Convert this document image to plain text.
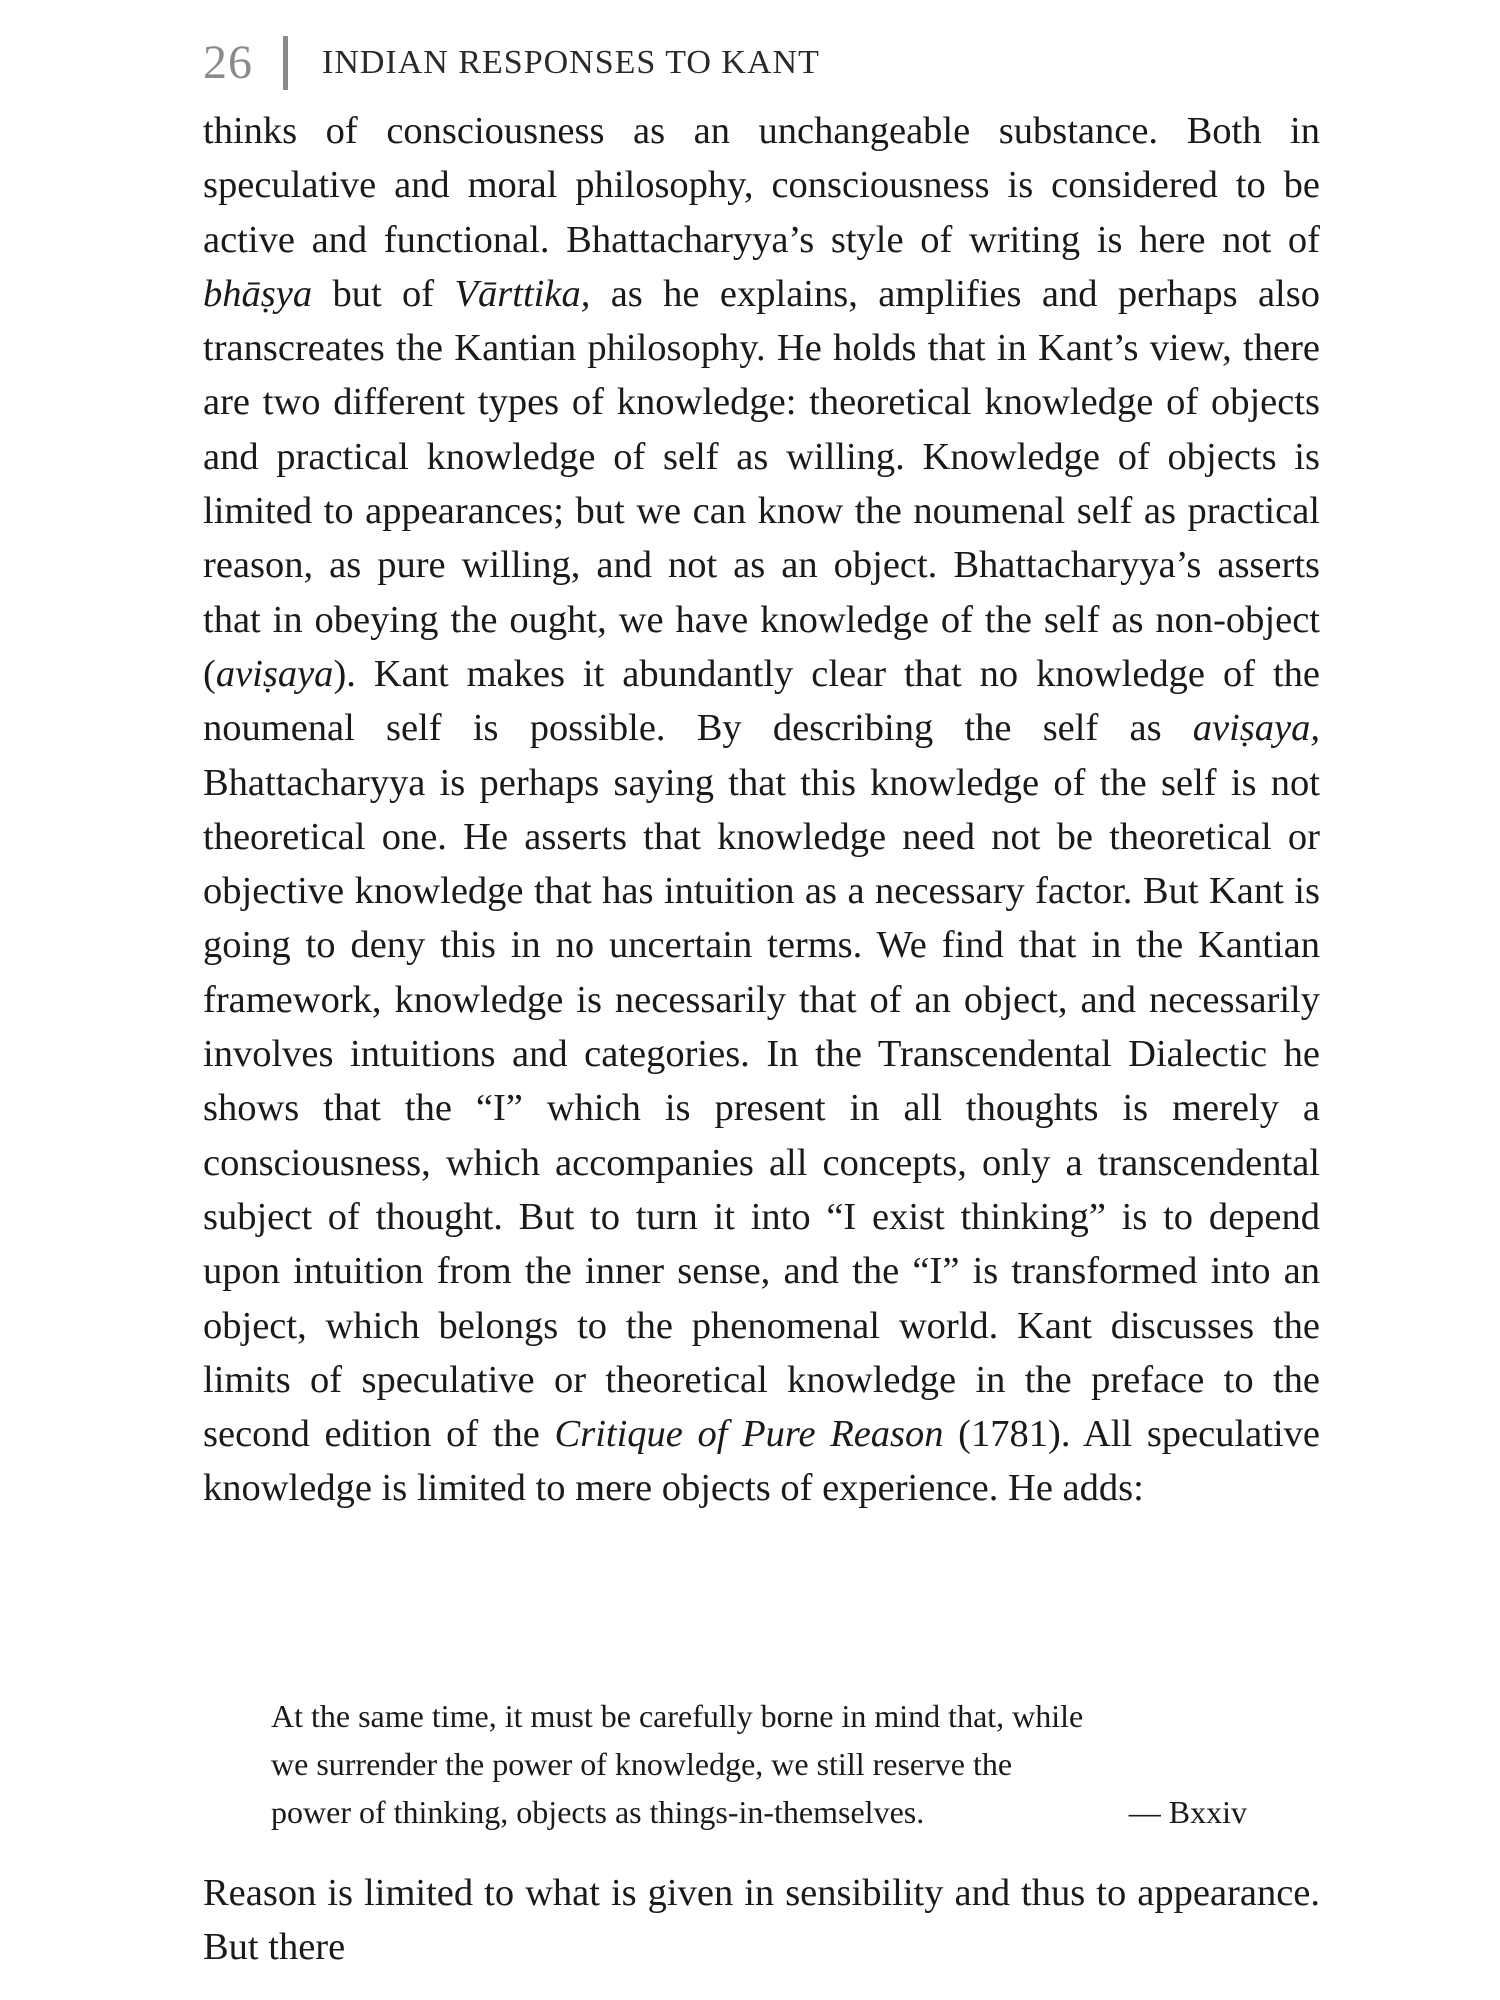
26 INDIAN RESPONSES TO KANT

thinks of consciousness as an unchangeable substance. Both in speculative and moral philosophy, consciousness is considered to be active and functional. Bhattacharyya’s style of writing is here not of bhāṣya but of Vārttika, as he explains, amplifies and perhaps also transcreates the Kantian philosophy. He holds that in Kant’s view, there are two different types of knowledge: theoretical knowledge of objects and practical knowledge of self as willing. Knowledge of objects is limited to appearances; but we can know the noumenal self as practical reason, as pure willing, and not as an object. Bhattacharyya’s asserts that in obeying the ought, we have knowledge of the self as non-object (aviṣaya). Kant makes it abundantly clear that no knowledge of the noumenal self is possible. By describing the self as aviṣaya, Bhattacharyya is perhaps saying that this knowledge of the self is not theoretical one. He asserts that knowledge need not be theoretical or objective knowledge that has intuition as a necessary factor. But Kant is going to deny this in no uncertain terms. We find that in the Kantian framework, knowledge is necessarily that of an object, and necessarily involves intuitions and categories. In the Transcendental Dialectic he shows that the “I” which is present in all thoughts is merely a consciousness, which accompanies all concepts, only a transcendental subject of thought. But to turn it into “I exist thinking” is to depend upon intuition from the inner sense, and the “I” is transformed into an object, which belongs to the phenomenal world. Kant discusses the limits of speculative or theoretical knowledge in the preface to the second edition of the Critique of Pure Reason (1781). All speculative knowledge is limited to mere objects of experience. He adds:

At the same time, it must be carefully borne in mind that, while
we surrender the power of knowledge, we still reserve the
power of thinking, objects as things-in-themselves.	— Bxxiv

Reason is limited to what is given in sensibility and thus to appearance. But there
